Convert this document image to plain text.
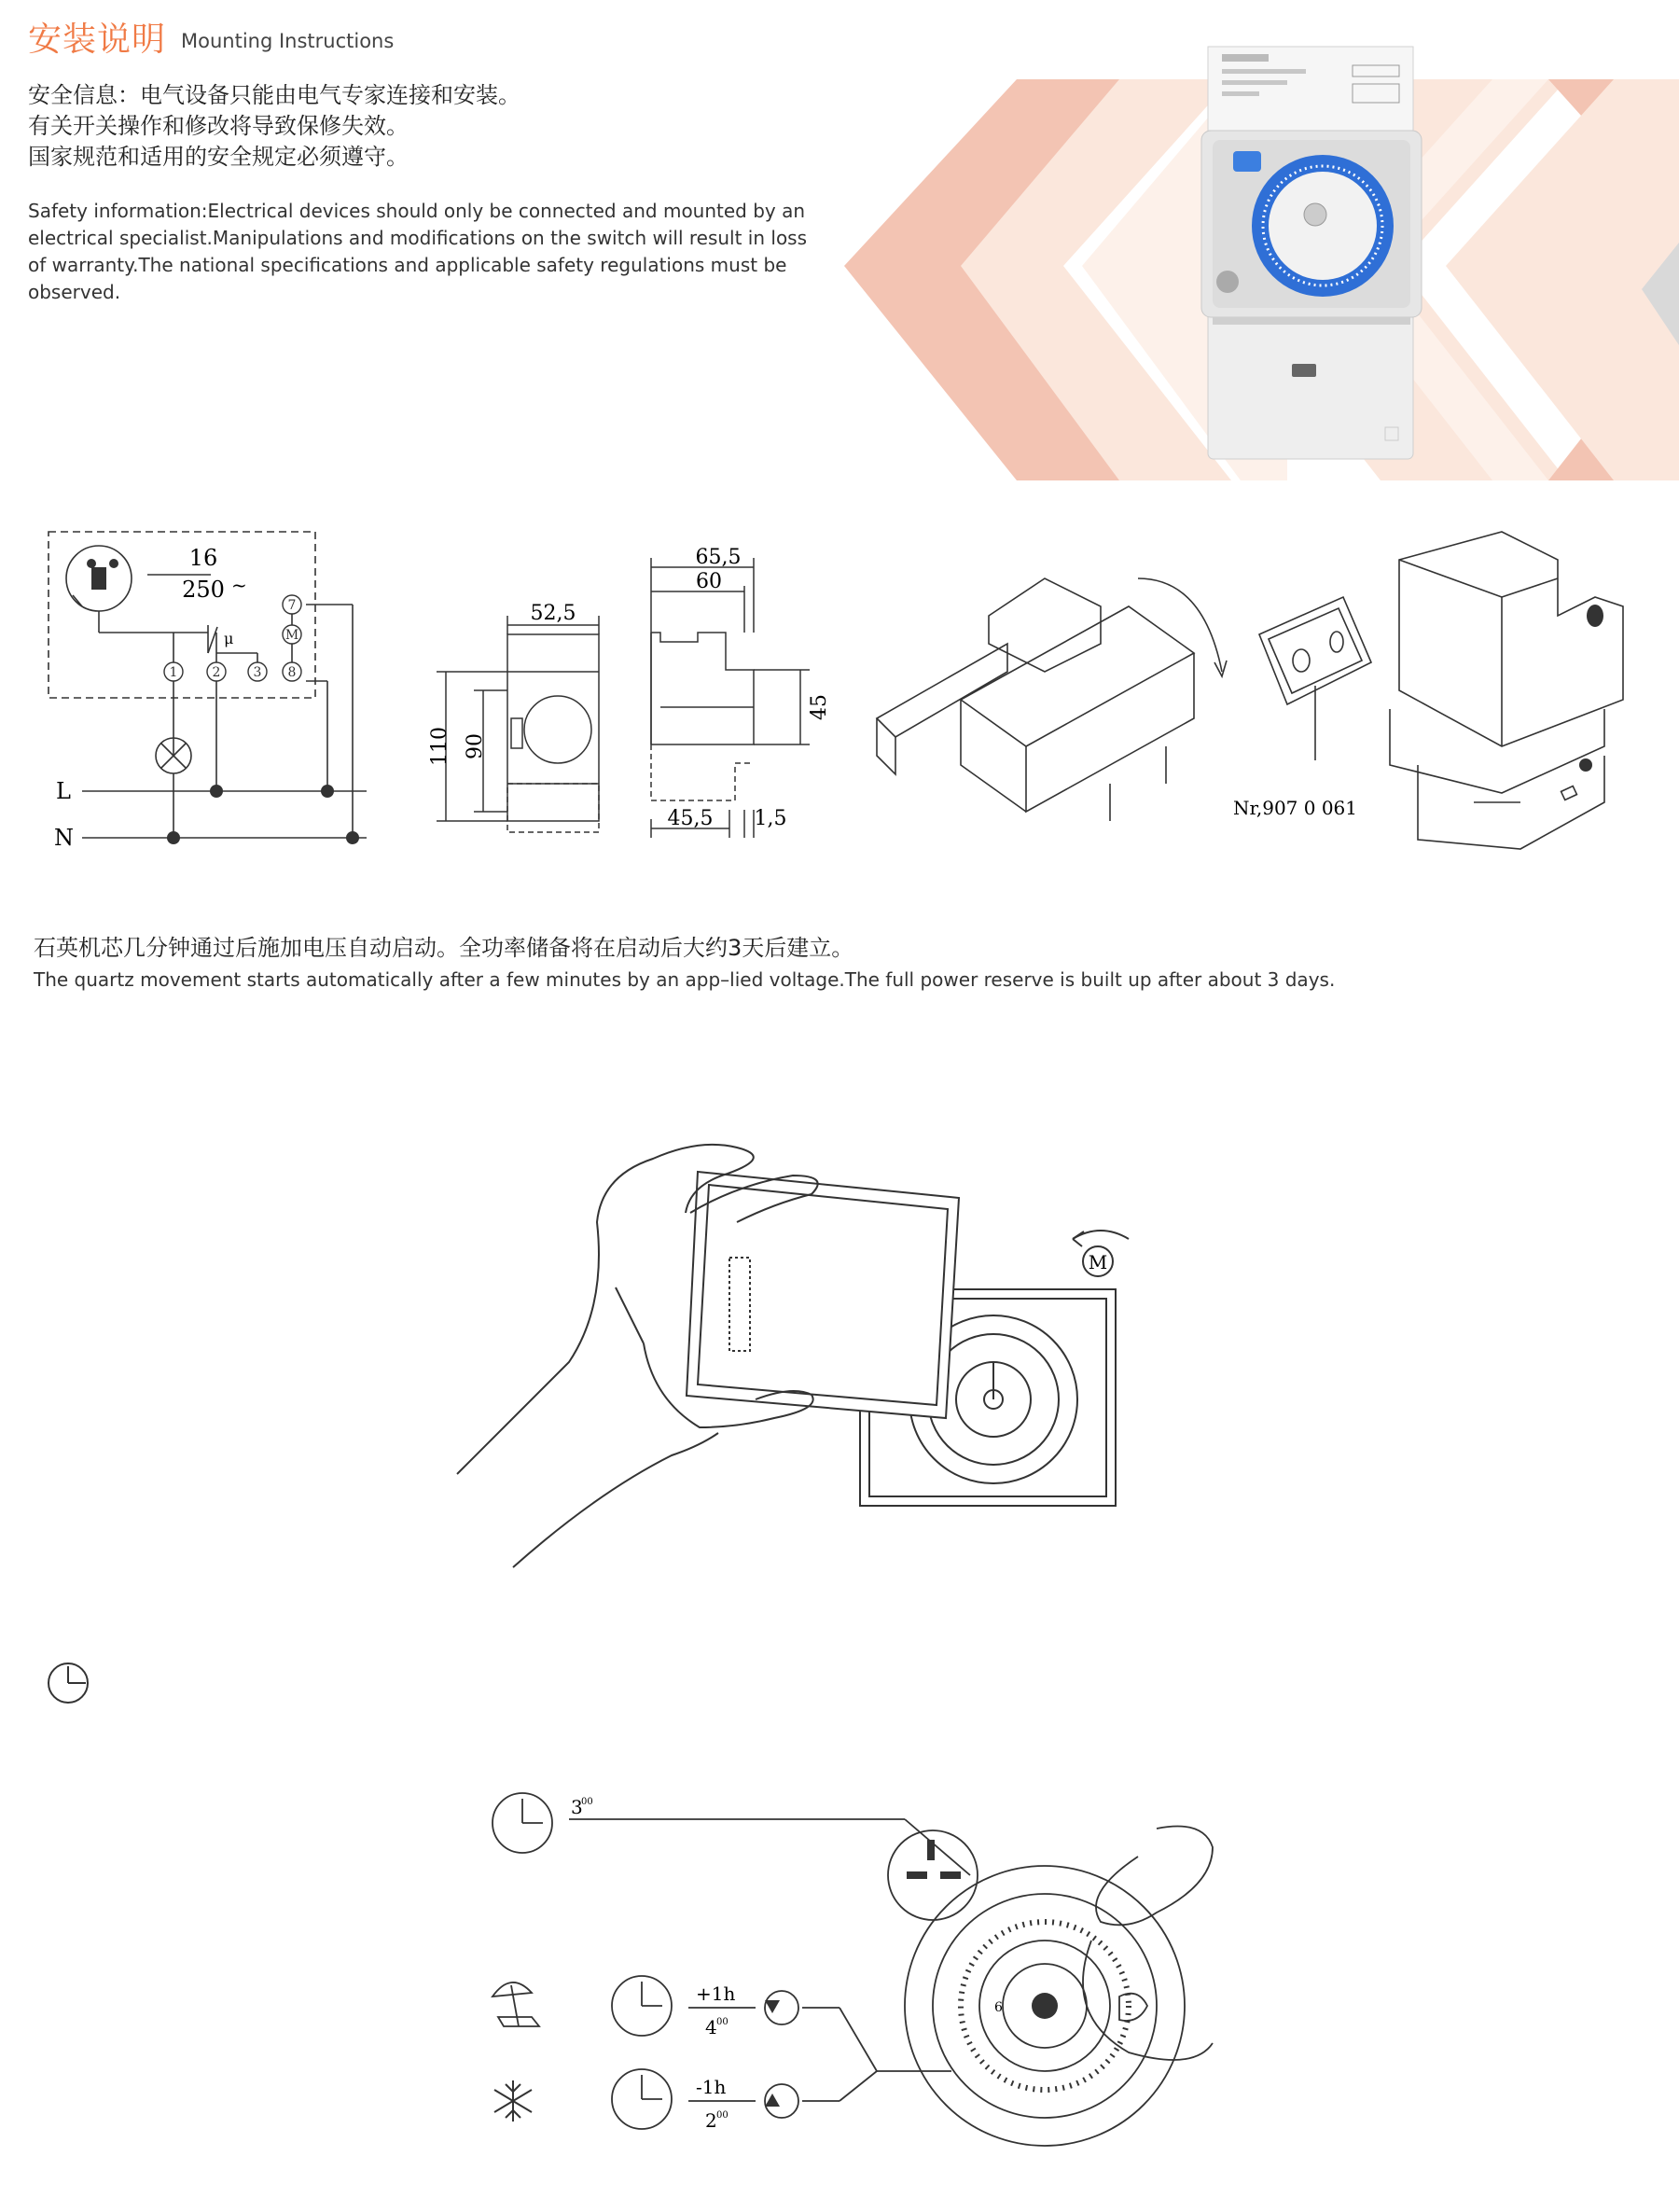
安装说明 Mounting Instructions
安全信息：电气设备只能由电气专家连接和安装。
有关开关操作和修改将导致保修失效。
国家规范和适用的安全规定必须遵守。
Safety information:Electrical devices should only be connected and mounted by an electrical specialist.Manipulations and modifications on the switch will result in loss of warranty.The national specifications and applicable safety regulations must be observed.
1	2	3
7
M
8
16
250 ~
μ
L
N
52,5
110 90
65,5
60
45
45,5 1,5	Nr,907 0 061
石英机芯几分钟通过后施加电压自动启动。全功率储备将在启动后大约3天后建立。
The quartz movement starts automatically after a few minutes by an app–lied voltage.The full power reserve is built up after about 3 days.
M
3
00
+1h
4 00
-1h
2 00
6
